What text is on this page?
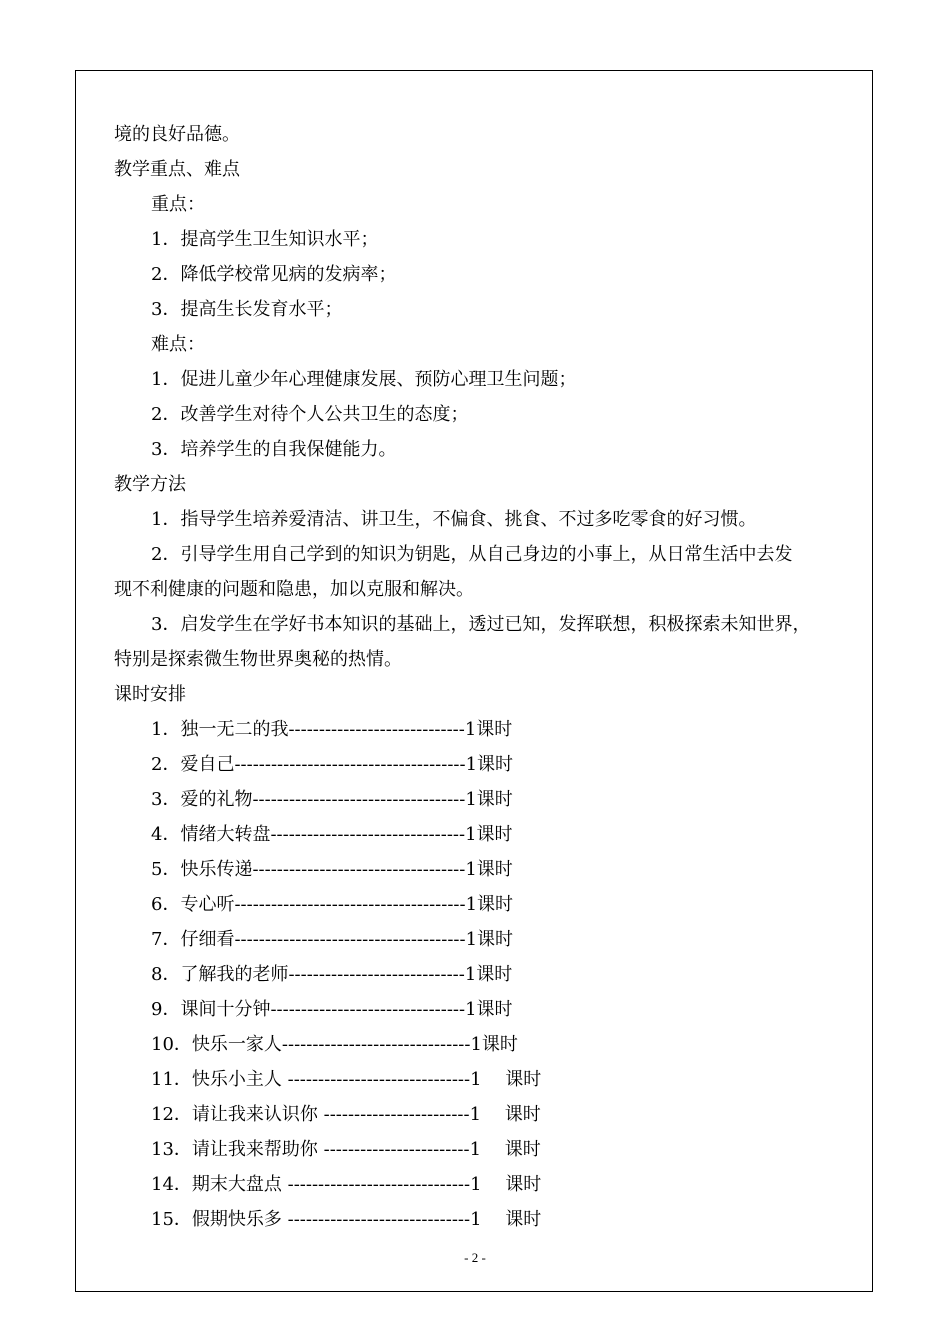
境的良好品德。
教学重点、难点
重点：
1．提高学生卫生知识水平；
2．降低学校常见病的发病率；
3．提高生长发育水平；
难点：
1．促进儿童少年心理健康发展、预防心理卫生问题；
2．改善学生对待个人公共卫生的态度；
3．培养学生的自我保健能力。
教学方法
1．指导学生培养爱清洁、讲卫生，不偏食、挑食、不过多吃零食的好习惯。
2．引导学生用自己学到的知识为钥匙，从自己身边的小事上，从日常生活中去发
现不利健康的问题和隐患，加以克服和解决。
3．启发学生在学好书本知识的基础上，透过已知，发挥联想，积极探索未知世界，
特别是探索微生物世界奥秘的热情。
课时安排
1．独一无二的我-----------------------------1课时
2．爱自己--------------------------------------1课时
3．爱的礼物-----------------------------------1课时
4．情绪大转盘--------------------------------1课时
5．快乐传递-----------------------------------1课时
6．专心听--------------------------------------1课时
7．仔细看--------------------------------------1课时
8．了解我的老师-----------------------------1课时
9．课间十分钟--------------------------------1课时
10．快乐一家人-------------------------------1课时
11．快乐小主人 ------------------------------1　 课时
12．请让我来认识你 ------------------------1　 课时
13．请让我来帮助你 ------------------------1　 课时
14．期末大盘点 ------------------------------1　 课时
15．假期快乐多 ------------------------------1　 课时
- 2 -
